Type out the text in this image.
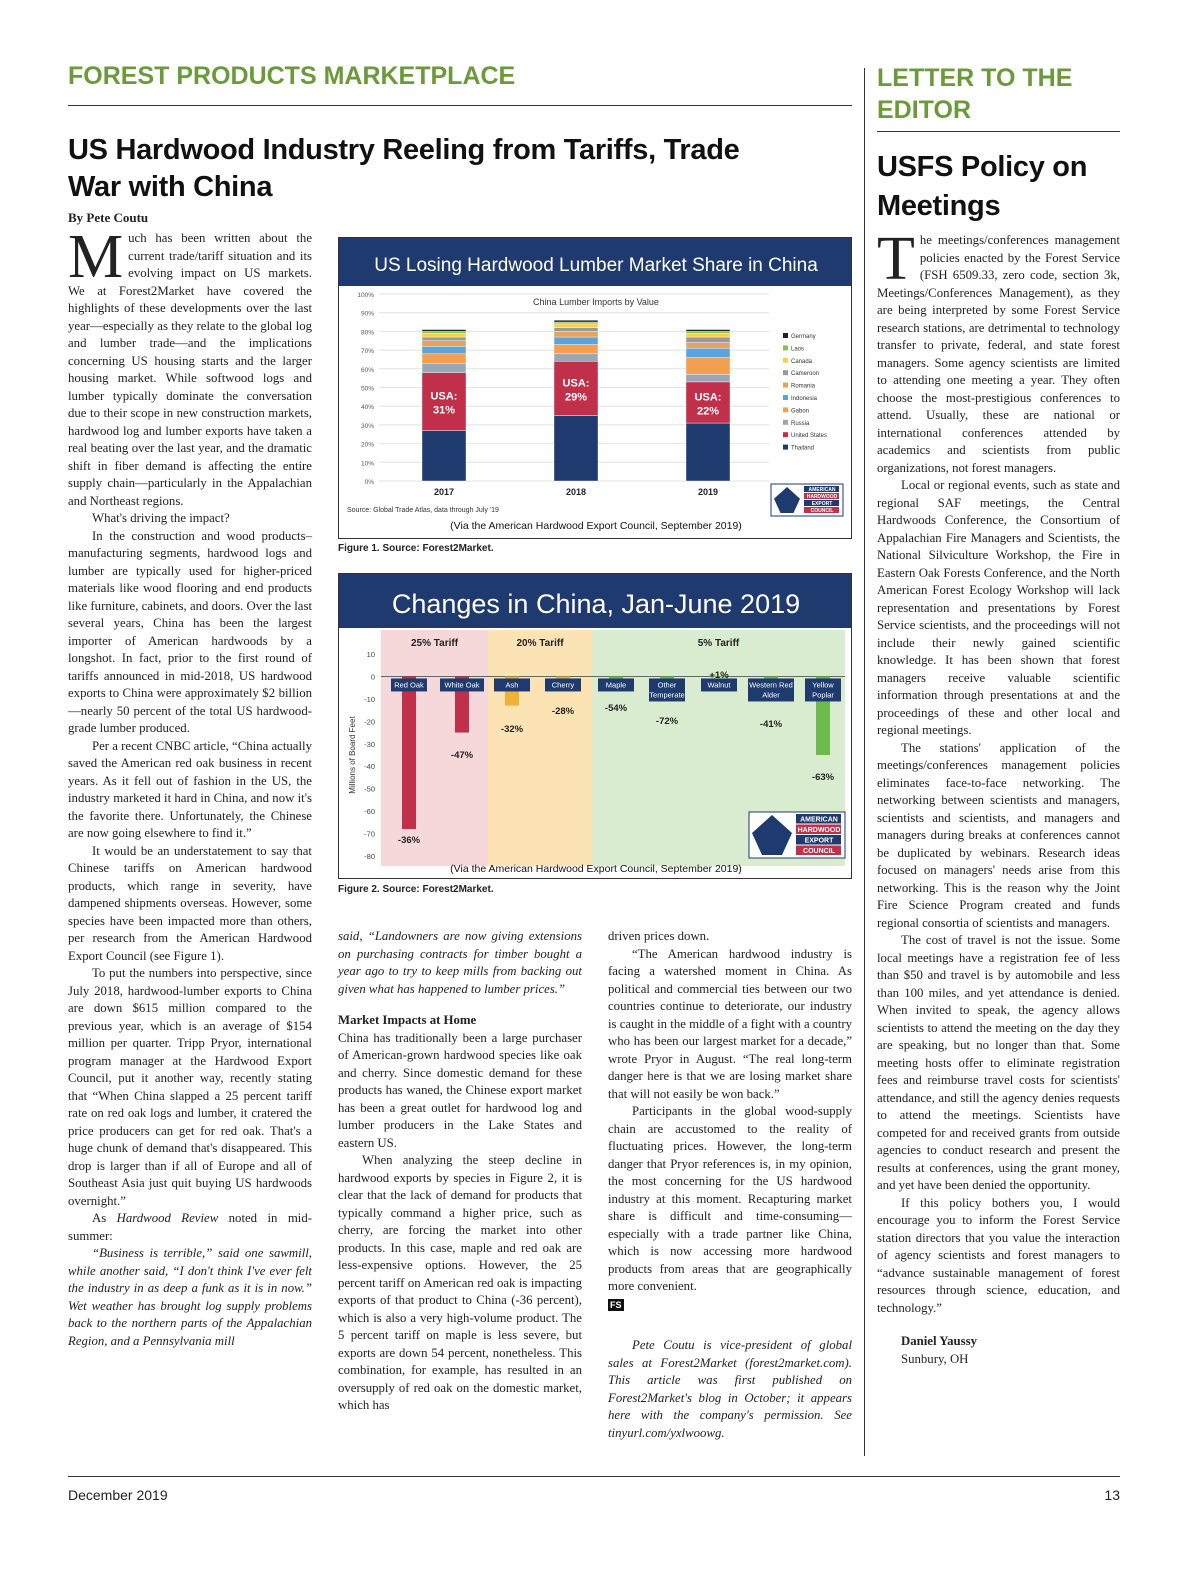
FOREST PRODUCTS MARKETPLACE	LETTER TO THE EDITOR
US Hardwood Industry Reeling from Tariffs, Trade War with China
By Pete Coutu
M uch has been written about the current trade/tariff situation and its evolving impact on US markets. We at Forest2Market have covered the highlights of these developments over the last year—especially as they relate to the global log and lumber trade—and the implications concerning US housing starts and the larger housing market. While softwood logs and lumber typically dominate the conversation due to their scope in new construction markets, hardwood log and lumber exports have taken a real beating over the last year, and the dramatic shift in fiber demand is affecting the entire supply chain—particularly in the Appalachian and Northeast regions.

What's driving the impact?

In the construction and wood products–manufacturing segments, hardwood logs and lumber are typically used for higher-priced materials like wood flooring and end products like furniture, cabinets, and doors. Over the last several years, China has been the largest importer of American hardwoods by a longshot. In fact, prior to the first round of tariffs announced in mid-2018, US hardwood exports to China were approximately $2 billion—nearly 50 percent of the total US hardwood-grade lumber produced.

Per a recent CNBC article, “China actually saved the American red oak business in recent years. As it fell out of fashion in the US, the industry marketed it hard in China, and now it's the favorite there. Unfortunately, the Chinese are now going elsewhere to find it.”

It would be an understatement to say that Chinese tariffs on American hardwood products, which range in severity, have dampened shipments overseas. However, some species have been impacted more than others, per research from the American Hardwood Export Council (see Figure 1).

To put the numbers into perspective, since July 2018, hardwood-lumber exports to China are down $615 million compared to the previous year, which is an average of $154 million per quarter. Tripp Pryor, international program manager at the Hardwood Export Council, put it another way, recently stating that “When China slapped a 25 percent tariff rate on red oak logs and lumber, it cratered the price producers can get for red oak. That's a huge chunk of demand that's disappeared. This drop is larger than if all of Europe and all of Southeast Asia just quit buying US hardwoods overnight.”

As Hardwood Review noted in mid-summer:

“Business is terrible,” said one sawmill, while another said, “I don't think I've ever felt the industry in as deep a funk as it is in now.” Wet weather has brought log supply problems back to the northern parts of the Appalachian Region, and a Pennsylvania mill

US Losing Hardwood Lumber Market Share in China
China Lumber Imports by Value
0%
10%
20%
30%
40%
50%
60%
70%
80%
90%
100%
2017
USA:
31%
2018
USA:
29%
2019
USA:
22%
Germany
Laos
Canada
Cameroon
Romania
Indonesia
Gabon
Russia
United States
Thailand
Source: Global Trade Atlas, data through July '19
(Via the American Hardwood Export Council, September 2019)
AMERICAN
HARDWOOD
EXPORT
COUNCIL
Figure 1. Source: Forest2Market.
Changes in China, Jan-June 2019
25% Tariff	20% Tariff	5% Tariff
10
0
-10
-20
-30
-40
-50
-60
-70
-80
Millions of Board Feet
Red Oak	White Oak	Ash	Cherry	Maple	Other
Temperate
Walnut Western Red
Alder
Yellow
Poplar
-36%
-47%
-32%
-28%	-54%
-72%
+1%
-41%
-63%
(Via the American Hardwood Export Council, September 2019)
AMERICAN
HARDWOOD
EXPORT
COUNCIL
Figure 2. Source: Forest2Market.

said, “Landowners are now giving extensions on purchasing contracts for timber bought a year ago to try to keep mills from backing out given what has happened to lumber prices.”

Market Impacts at Home

China has traditionally been a large purchaser of American-grown hardwood species like oak and cherry. Since domestic demand for these products has waned, the Chinese export market has been a great outlet for hardwood log and lumber producers in the Lake States and eastern US.

When analyzing the steep decline in hardwood exports by species in Figure 2, it is clear that the lack of demand for products that typically command a higher price, such as cherry, are forcing the market into other products. In this case, maple and red oak are less-expensive options. However, the 25 percent tariff on American red oak is impacting exports of that product to China (-36 percent), which is also a very high-volume product. The 5 percent tariff on maple is less severe, but exports are down 54 percent, nonetheless. This combination, for example, has resulted in an oversupply of red oak on the domestic market, which has

driven prices down.

“The American hardwood industry is facing a watershed moment in China. As political and commercial ties between our two countries continue to deteriorate, our industry is caught in the middle of a fight with a country who has been our largest market for a decade,” wrote Pryor in August. “The real long-term danger here is that we are losing market share that will not easily be won back.”

Participants in the global wood-supply chain are accustomed to the reality of fluctuating prices. However, the long-term danger that Pryor references is, in my opinion, the most concerning for the US hardwood industry at this moment. Recapturing market share is difficult and time-consuming—especially with a trade partner like China, which is now accessing more hardwood products from areas that are geographically more convenient.

FS

Pete Coutu is vice-president of global sales at Forest2Market (forest2market.com). This article was first published on Forest2Market's blog in October; it appears here with the company's permission. See tinyurl.com/yxlwoowg.

USFS Policy on Meetings
T he meetings/conferences management policies enacted by the Forest Service (FSH 6509.33, zero code, section 3k, Meetings/Conferences Management), as they are being interpreted by some Forest Service research stations, are detrimental to technology transfer to private, federal, and state forest managers. Some agency scientists are limited to attending one meeting a year. They often choose the most-prestigious conferences to attend. Usually, these are national or international conferences attended by academics and scientists from public organizations, not forest managers.

Local or regional events, such as state and regional SAF meetings, the Central Hardwoods Conference, the Consortium of Appalachian Fire Managers and Scientists, the National Silviculture Workshop, the Fire in Eastern Oak Forests Conference, and the North American Forest Ecology Workshop will lack representation and presentations by Forest Service scientists, and the proceedings will not include their newly gained scientific knowledge. It has been shown that forest managers receive valuable scientific information through presentations at and the proceedings of these and other local and regional meetings.

The stations' application of the meetings/conferences management policies eliminates face-to-face networking. The networking between scientists and managers, scientists and scientists, and managers and managers during breaks at conferences cannot be duplicated by webinars. Research ideas focused on managers' needs arise from this networking. This is the reason why the Joint Fire Science Program created and funds regional consortia of scientists and managers.

The cost of travel is not the issue. Some local meetings have a registration fee of less than $50 and travel is by automobile and less than 100 miles, and yet attendance is denied. When invited to speak, the agency allows scientists to attend the meeting on the day they are speaking, but no longer than that. Some meeting hosts offer to eliminate registration fees and reimburse travel costs for scientists' attendance, and still the agency denies requests to attend the meetings. Scientists have competed for and received grants from outside agencies to conduct research and present the results at conferences, using the grant money, and yet have been denied the opportunity.

If this policy bothers you, I would encourage you to inform the Forest Service station directors that you value the interaction of agency scientists and forest managers to “advance sustainable management of forest resources through science, education, and technology.”

Daniel Yaussy

Sunbury, OH

December 2019	13
